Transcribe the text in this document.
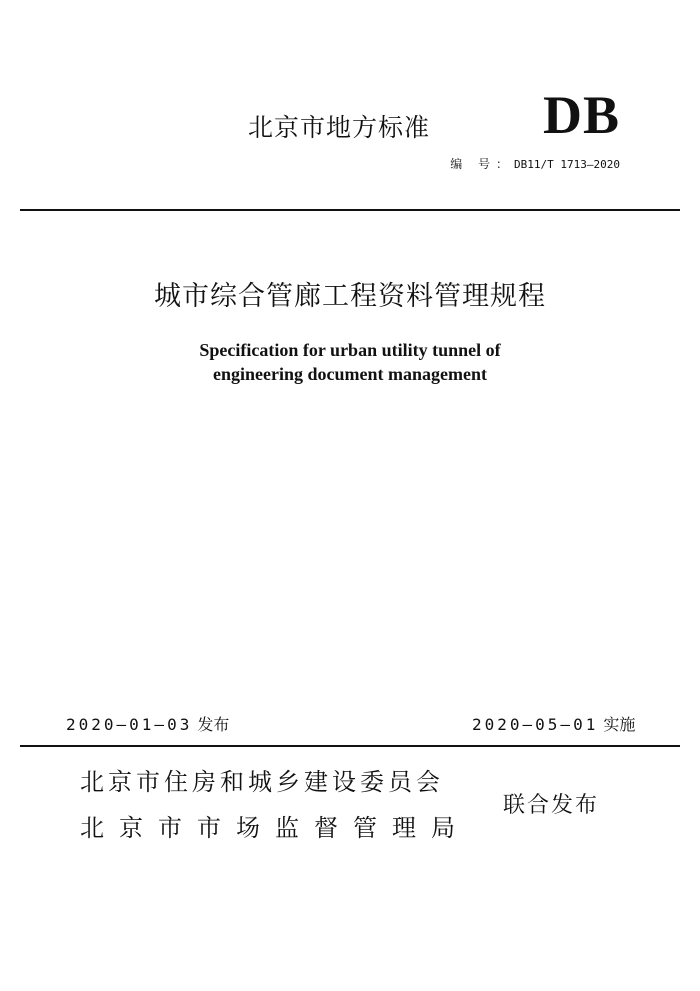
北京市地方标准 DB
编 号：DB11/T 1713—2020
城市综合管廊工程资料管理规程
Specification for urban utility tunnel of
engineering document management
2020—01—03 发布	2020—05—01 实施
北京市住房和城乡建设委员会
北京市市场监督管理局
联合发布
